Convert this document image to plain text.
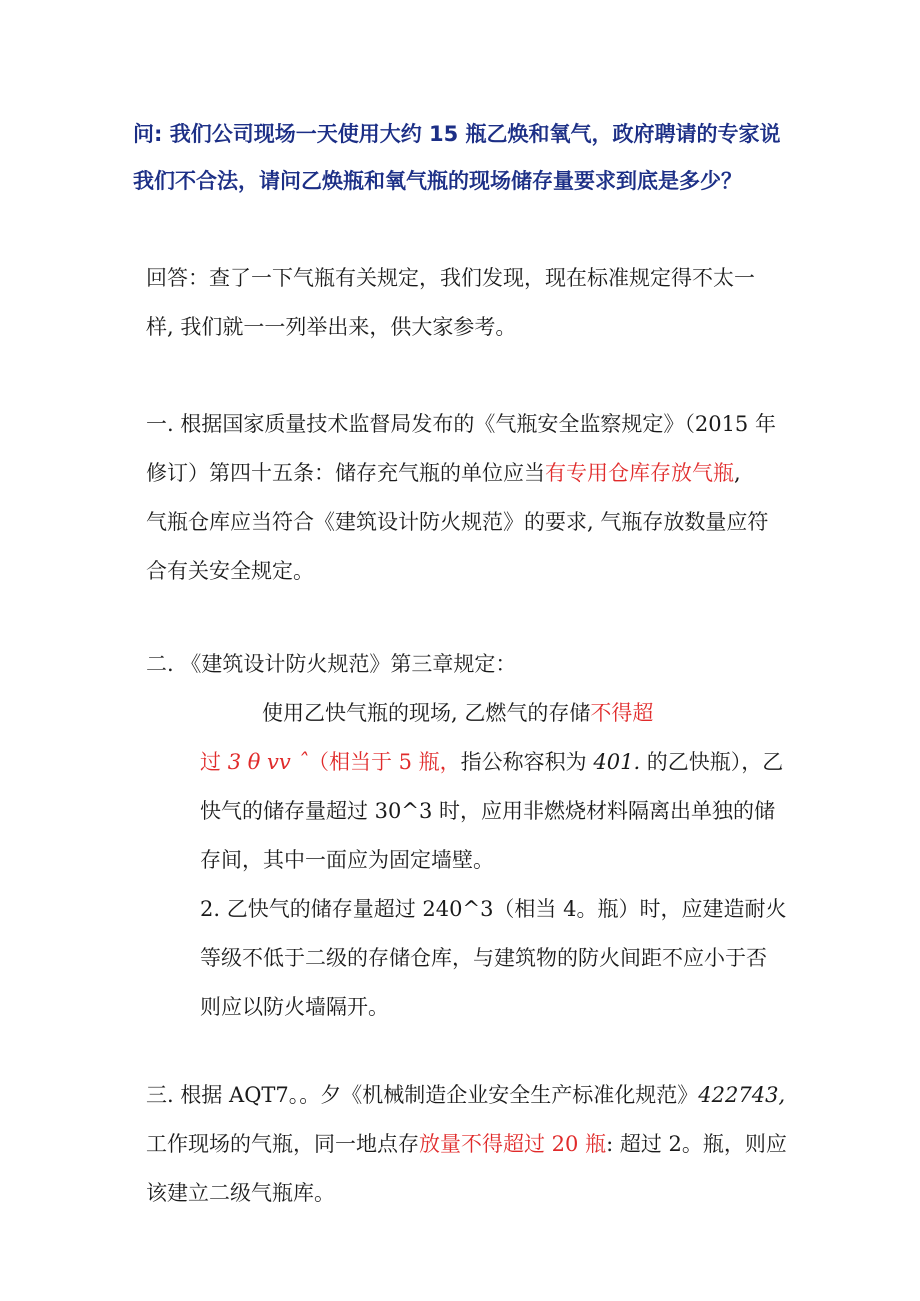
问: 我们公司现场一天使用大约 15 瓶乙焕和氧气，政府聘请的专家说
我们不合法，请问乙焕瓶和氧气瓶的现场储存量要求到底是多少？
回答：查了一下气瓶有关规定，我们发现，现在标准规定得不太一
样, 我们就一一列举出来，供大家参考。
一. 根据国家质量技术监督局发布的《气瓶安全监察规定》（2015 年
修订）第四十五条：储存充气瓶的单位应当有专用仓库存放气瓶,
气瓶仓库应当符合《建筑设计防火规范》的要求, 气瓶存放数量应符
合有关安全规定。
二. 《建筑设计防火规范》第三章规定：
使用乙快气瓶的现场, 乙燃气的存储不得超
过 3 θ vv ˆ（相当于 5 瓶，指公称容积为 401. 的乙快瓶），乙
快气的储存量超过 30^3 时，应用非燃烧材料隔离出单独的储
存间，其中一面应为固定墙壁。
2. 乙快气的储存量超过 240^3（相当 4。瓶）时，应建造耐火
等级不低于二级的存储仓库，与建筑物的防火间距不应小于否
则应以防火墙隔开。
三. 根据 AQT7。。夕《机械制造企业安全生产标准化规范》422743,
工作现场的气瓶，同一地点存放量不得超过 20 瓶: 超过 2。瓶，则应
该建立二级气瓶库。
